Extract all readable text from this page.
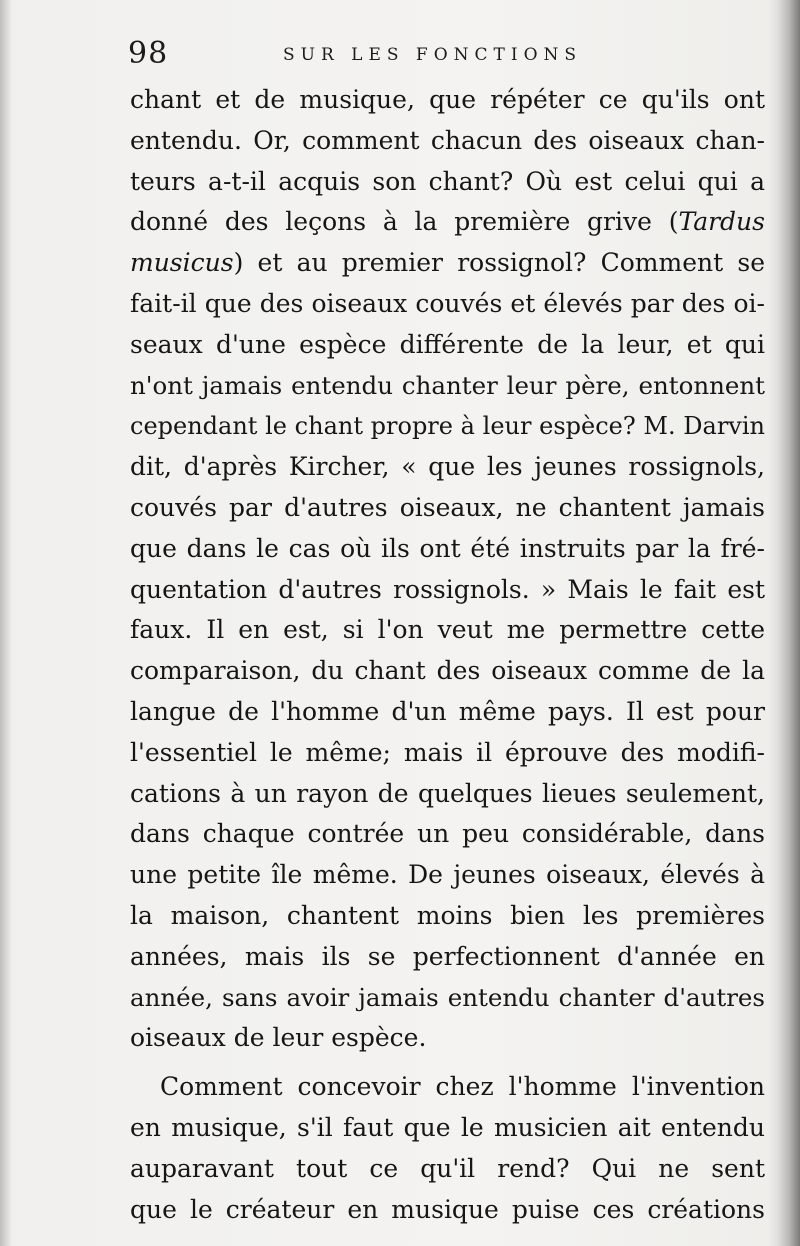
98	SUR LES FONCTIONS
chant et de musique, que répéter ce qu'ils ont
entendu. Or, comment chacun des oiseaux chan-
teurs a-t-il acquis son chant? Où est celui qui a
donné des leçons à la première grive (Tardus
musicus) et au premier rossignol? Comment se
fait-il que des oiseaux couvés et élevés par des oi-
seaux d'une espèce différente de la leur, et qui
n'ont jamais entendu chanter leur père, entonnent
cependant le chant propre à leur espèce? M. Darvin
dit, d'après Kircher, « que les jeunes rossignols,
couvés par d'autres oiseaux, ne chantent jamais
que dans le cas où ils ont été instruits par la fré-
quentation d'autres rossignols. » Mais le fait est
faux. Il en est, si l'on veut me permettre cette
comparaison, du chant des oiseaux comme de la
langue de l'homme d'un même pays. Il est pour
l'essentiel le même; mais il éprouve des modifi-
cations à un rayon de quelques lieues seulement,
dans chaque contrée un peu considérable, dans
une petite île même. De jeunes oiseaux, élevés à
la maison, chantent moins bien les premières
années, mais ils se perfectionnent d'année en
année, sans avoir jamais entendu chanter d'autres
oiseaux de leur espèce.
Comment concevoir chez l'homme l'invention
en musique, s'il faut que le musicien ait entendu
auparavant tout ce qu'il rend? Qui ne sent
que le créateur en musique puise ces créations
